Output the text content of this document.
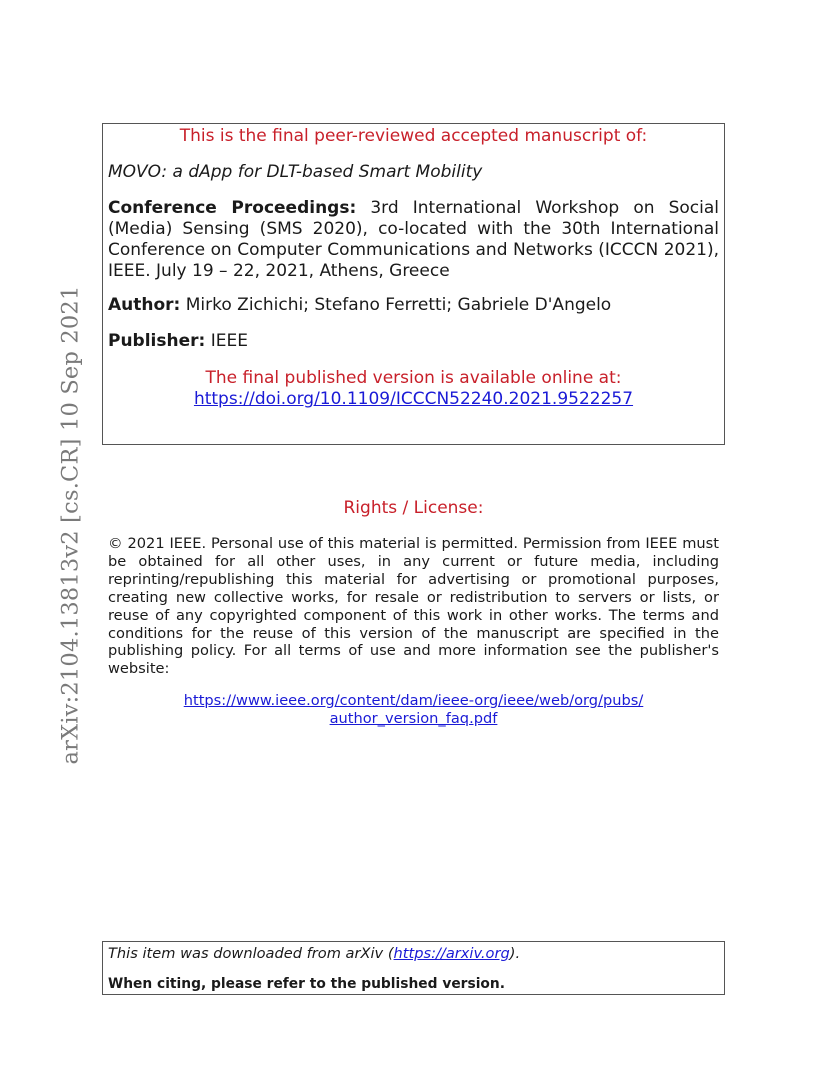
arXiv:2104.13813v2 [cs.CR] 10 Sep 2021
This is the final peer-reviewed accepted manuscript of:
MOVO: a dApp for DLT-based Smart Mobility
Conference Proceedings: 3rd International Workshop on Social (Media) Sensing (SMS 2020), co-located with the 30th International Conference on Computer Communications and Networks (ICCCN 2021), IEEE. July 19 – 22, 2021, Athens, Greece
Author: Mirko Zichichi; Stefano Ferretti; Gabriele D'Angelo
Publisher: IEEE
The final published version is available online at:
https://doi.org/10.1109/ICCCN52240.2021.9522257
Rights / License:
© 2021 IEEE. Personal use of this material is permitted. Permission from IEEE must be obtained for all other uses, in any current or future media, including reprinting/republishing this material for advertising or promotional purposes, creating new collective works, for resale or redistribution to servers or lists, or reuse of any copyrighted component of this work in other works. The terms and conditions for the reuse of this version of the manuscript are specified in the publishing policy. For all terms of use and more information see the publisher's website:
https://www.ieee.org/content/dam/ieee-org/ieee/web/org/pubs/
author_version_faq.pdf
This item was downloaded from arXiv (https://arxiv.org).
When citing, please refer to the published version.
